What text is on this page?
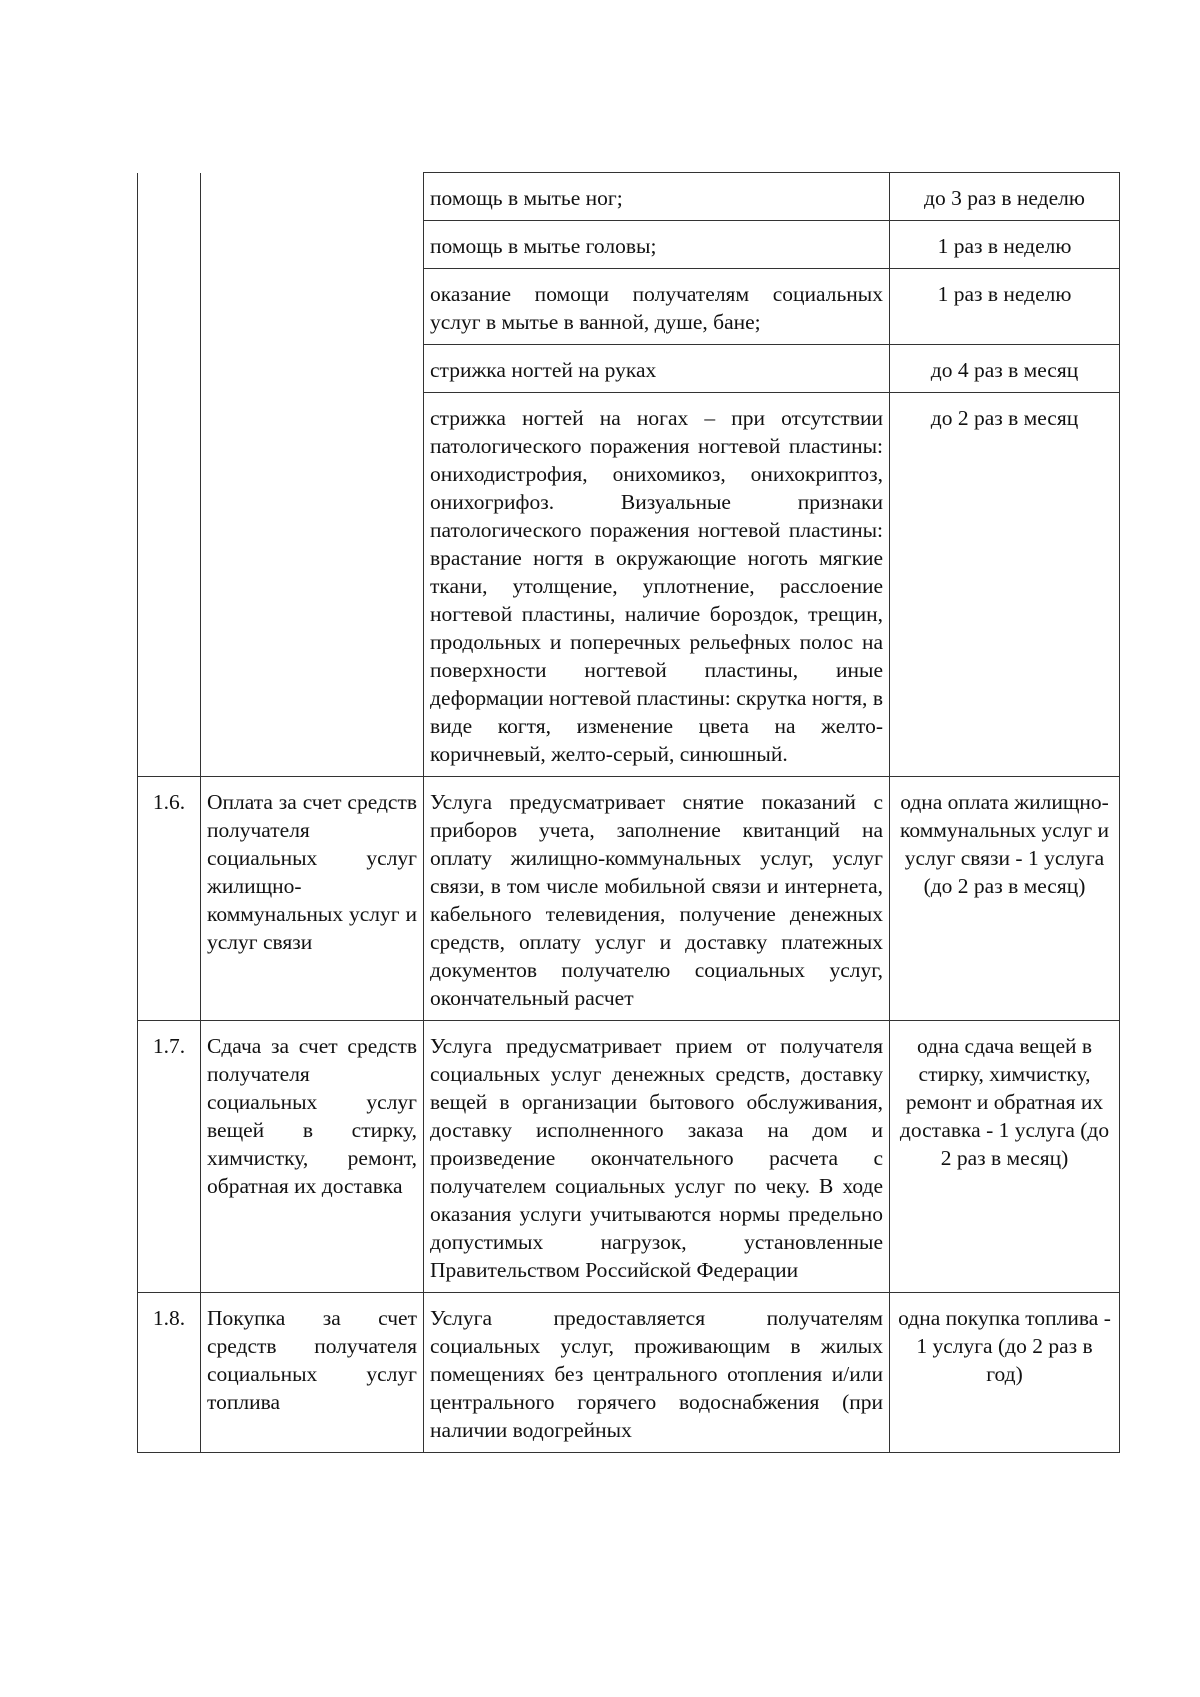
		помощь в мытье ног;	до 3 раз в неделю
		помощь в мытье головы;	1 раз в неделю
		оказание помощи получателям социальных услуг в мытье в ванной, душе, бане;	1 раз в неделю
		стрижка ногтей на руках	до 4 раз в месяц
		стрижка ногтей на ногах – при отсутствии патологического поражения ногтевой пластины: ониходистрофия, онихомикоз, онихокриптоз, онихогрифоз. Визуальные признаки патологического поражения ногтевой пластины: врастание ногтя в окружающие ноготь мягкие ткани, утолщение, уплотнение, расслоение ногтевой пластины, наличие бороздок, трещин, продольных и поперечных рельефных полос на поверхности ногтевой пластины, иные деформации ногтевой пластины: скрутка ногтя, в виде когтя, изменение цвета на желто-коричневый, желто-серый, синюшный.	до 2 раз в месяц
1.6.	Оплата за счет средств получателя социальных услуг жилищно-коммунальных услуг и услуг связи	Услуга предусматривает снятие показаний с приборов учета, заполнение квитанций на оплату жилищно-коммунальных услуг, услуг связи, в том числе мобильной связи и интернета, кабельного телевидения, получение денежных средств, оплату услуг и доставку платежных документов получателю социальных услуг, окончательный расчет	одна оплата жилищно-коммунальных услуг и услуг связи - 1 услуга (до 2 раз в месяц)
1.7.	Сдача за счет средств получателя социальных услуг вещей в стирку, химчистку, ремонт, обратная их доставка	Услуга предусматривает прием от получателя социальных услуг денежных средств, доставку вещей в организации бытового обслуживания, доставку исполненного заказа на дом и произведение окончательного расчета с получателем социальных услуг по чеку. В ходе оказания услуги учитываются нормы предельно допустимых нагрузок, установленные Правительством Российской Федерации	одна сдача вещей в стирку, химчистку, ремонт и обратная их доставка - 1 услуга (до 2 раз в месяц)
1.8.	Покупка за счет средств получателя социальных услуг топлива	Услуга предоставляется получателям социальных услуг, проживающим в жилых помещениях без центрального отопления и/или центрального горячего водоснабжения (при наличии водогрейных	одна покупка топлива - 1 услуга (до 2 раз в год)
